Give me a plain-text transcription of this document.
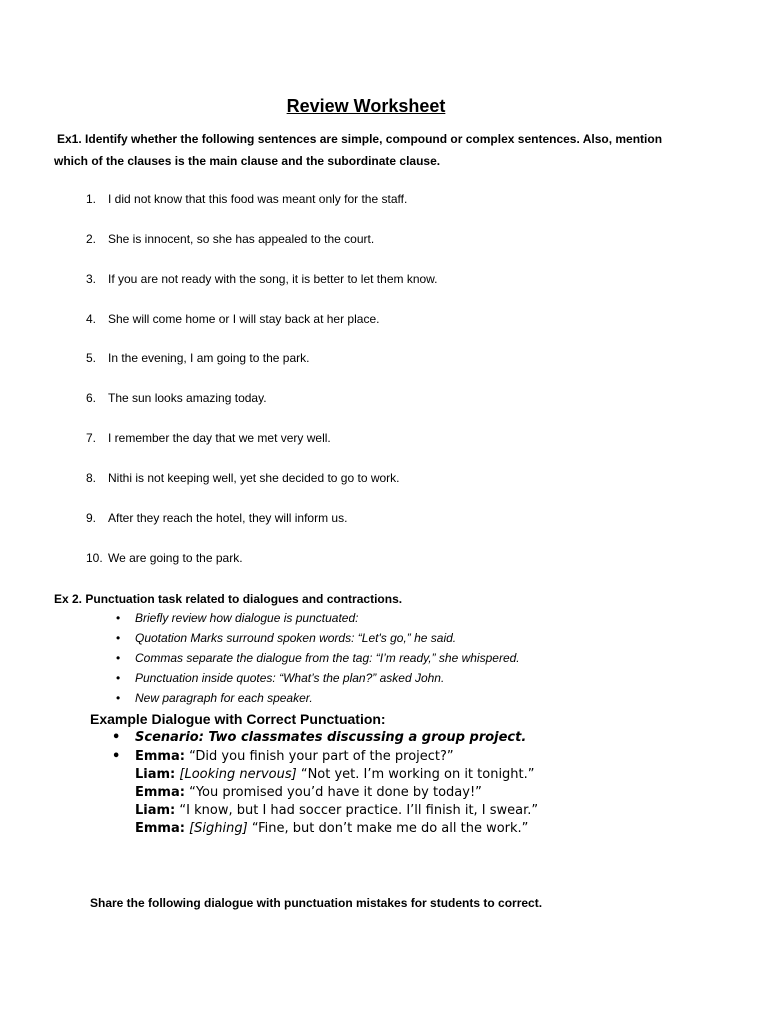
Review Worksheet

Ex1. Identify whether the following sentences are simple, compound or complex sentences. Also, mention
which of the clauses is the main clause and the subordinate clause.

1. I did not know that this food was meant only for the staff.
2. She is innocent, so she has appealed to the court.
3. If you are not ready with the song, it is better to let them know.
4. She will come home or I will stay back at her place.
5. In the evening, I am going to the park.
6. The sun looks amazing today.
7. I remember the day that we met very well.
8. Nithi is not keeping well, yet she decided to go to work.
9. After they reach the hotel, they will inform us.
10. We are going to the park.

Ex 2. Punctuation task related to dialogues and contractions.

• Briefly review how dialogue is punctuated:
• Quotation Marks surround spoken words: “Let's go,” he said.
• Commas separate the dialogue from the tag: “I’m ready,” she whispered.
• Punctuation inside quotes: “What’s the plan?” asked John.
• New paragraph for each speaker.

Example Dialogue with Correct Punctuation:

• Scenario: Two classmates discussing a group project.
• Emma: “Did you finish your part of the project?”
Liam: [Looking nervous] “Not yet. I’m working on it tonight.”
Emma: “You promised you’d have it done by today!”
Liam: “I know, but I had soccer practice. I’ll finish it, I swear.”
Emma: [Sighing] “Fine, but don’t make me do all the work.”

Share the following dialogue with punctuation mistakes for students to correct.
